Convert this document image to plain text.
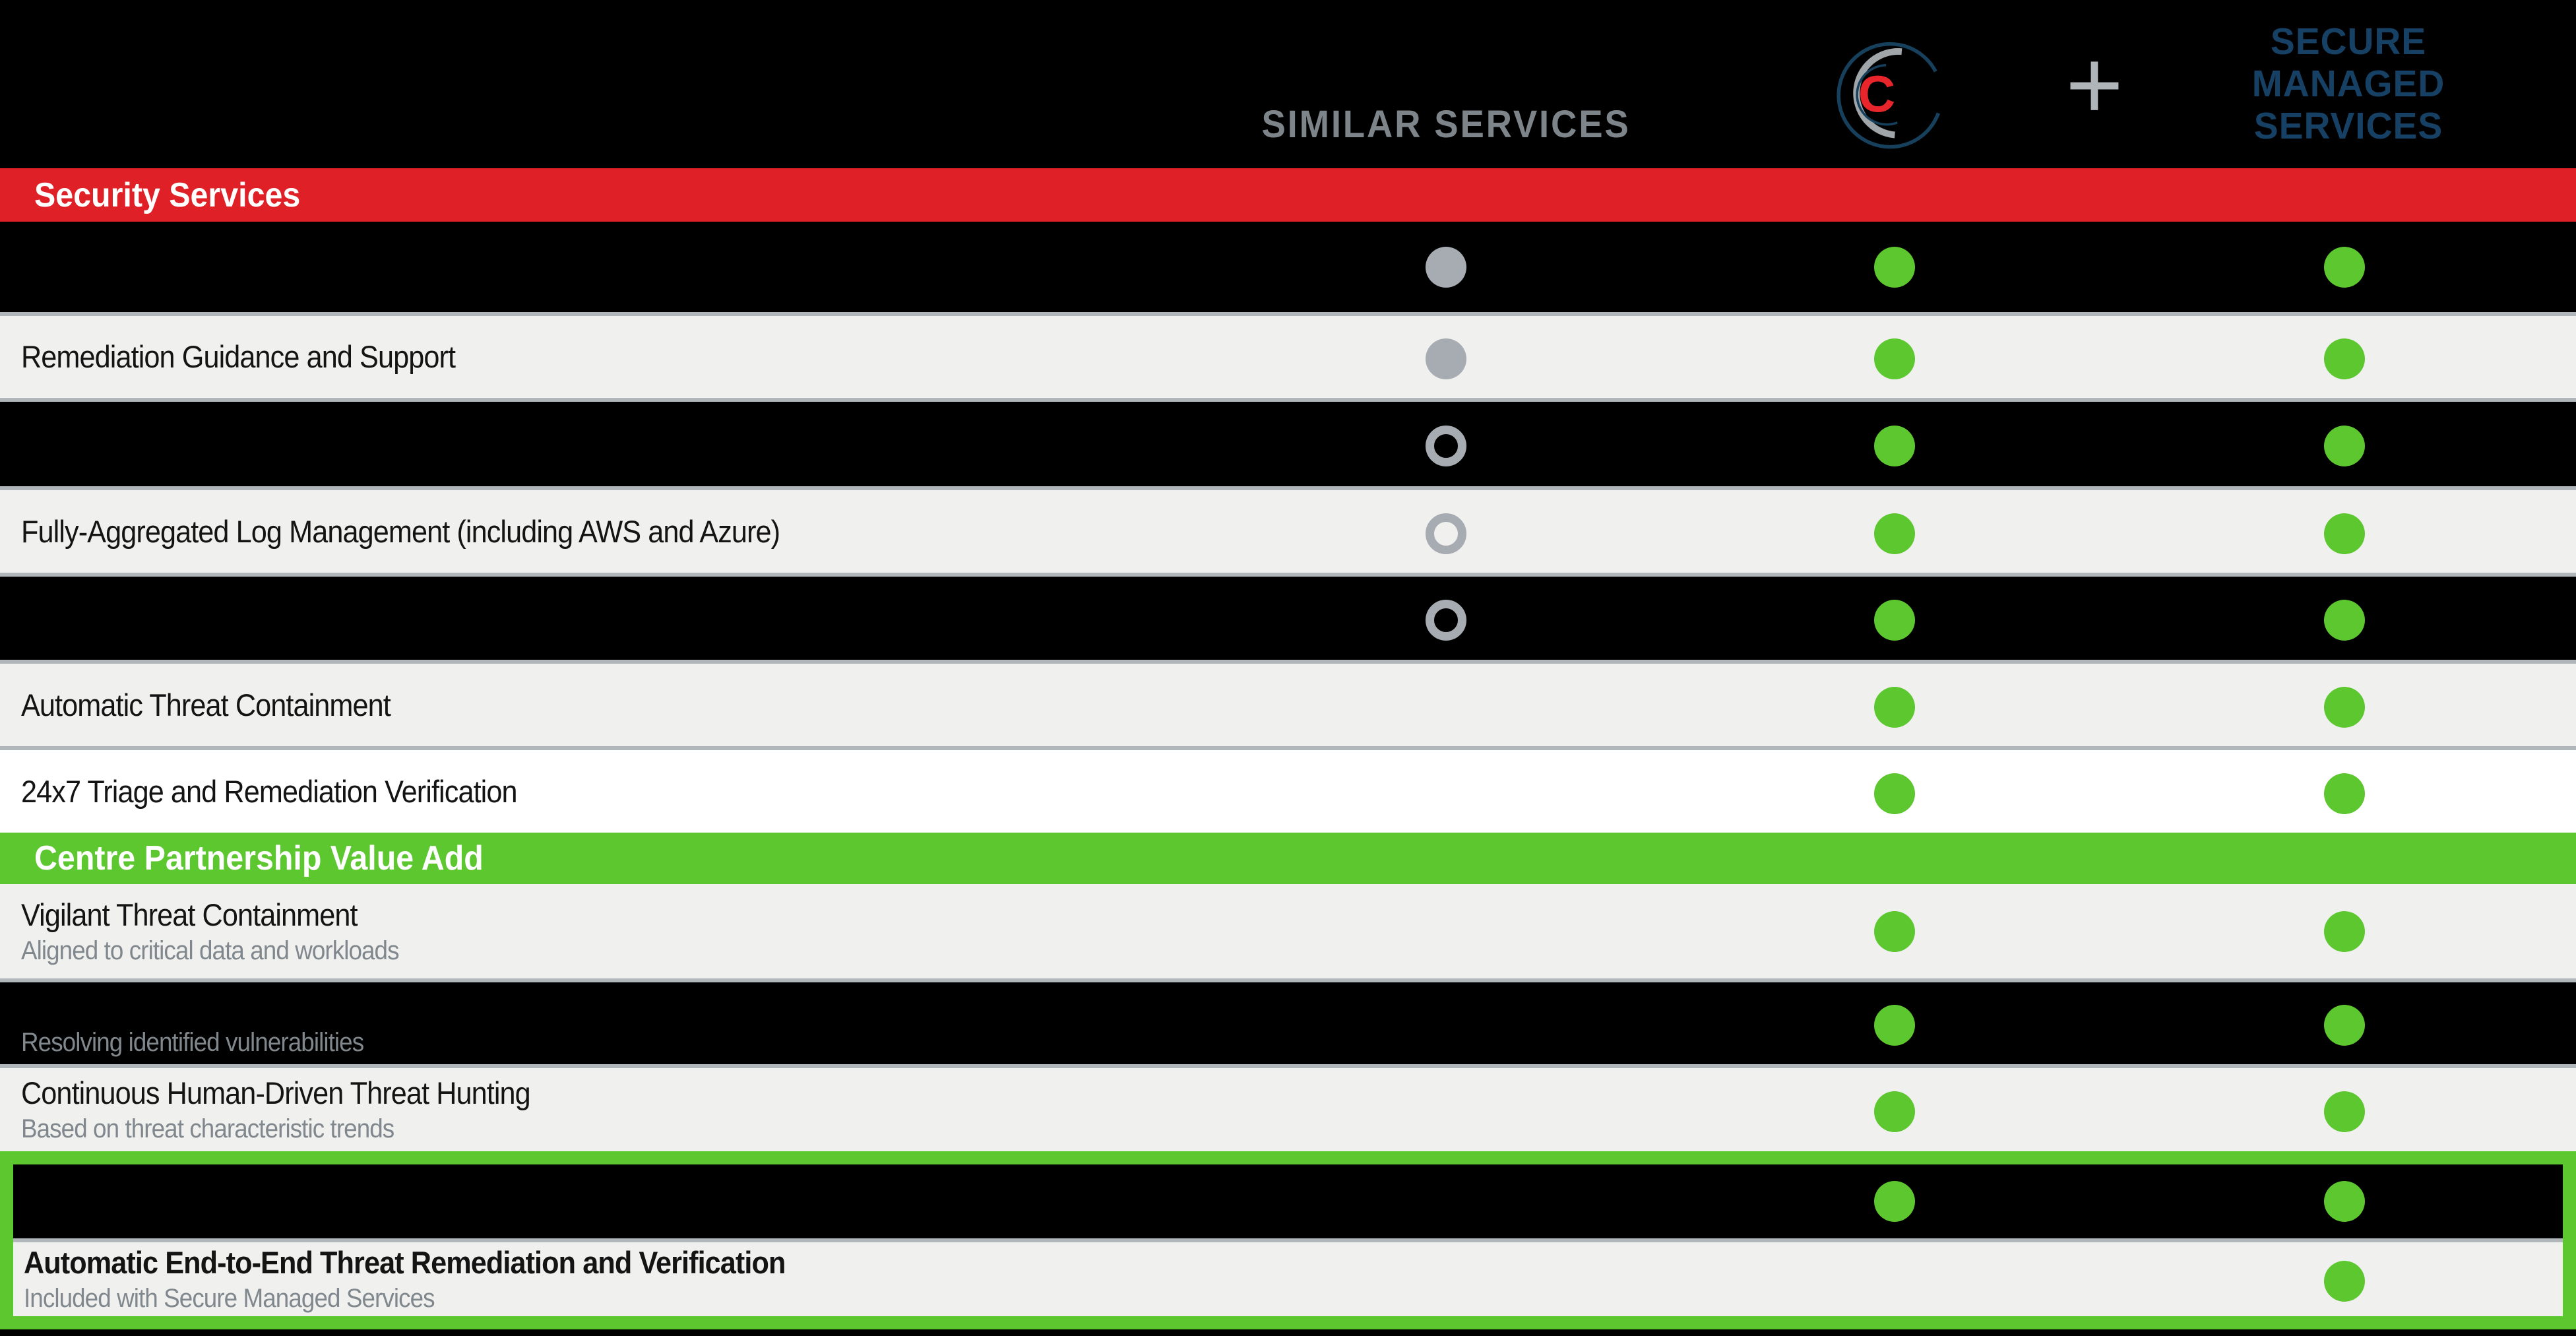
SIMILAR SERVICES
C +	SECURE
MANAGED
SERVICES
Security Services
Remediation Guidance and Support
Fully-Aggregated Log Management (including AWS and Azure)
Automatic Threat Containment
24x7 Triage and Remediation Verification
Centre Partnership Value Add
Vigilant Threat Containment
Aligned to critical data and workloads
Resolving identified vulnerabilities
Continuous Human-Driven Threat Hunting
Based on threat characteristic trends
Automatic End-to-End Threat Remediation and Verification
Included with Secure Managed Services
